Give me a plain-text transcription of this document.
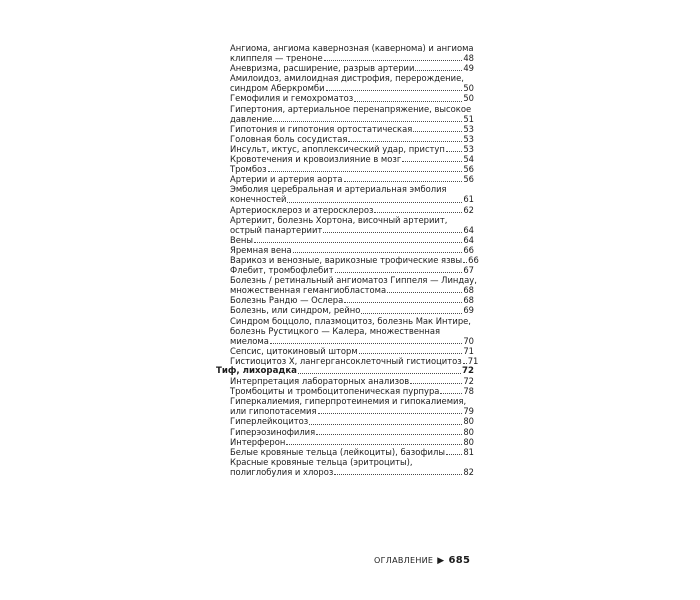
Ангиома, ангиома кавернозная (кавернома) и ангиома
клиппеля — треноне	48
Аневризма, расширение, разрыв артерии	49
Амилоидоз, амилоидная дистрофия, перерождение,
синдром Аберкромби	50
Гемофилия и гемохроматоз	50
Гипертония, артериальное перенапряжение, высокое
давление	51
Гипотония и гипотония ортостатическая	53
Головная боль сосудистая	53
Инсульт, иктус, апоплексический удар, приступ 53
Кровотечения и кровоизлияние в мозг	54
Тромбоз	56
Артерии и артерия аорта	56
Эмболия церебральная и артериальная эмболия
конечностей	61
Артериосклероз и атеросклероз	62
Артериит, болезнь Хортона, височный артериит,
острый панартериит	64
Вены	64
Яремная вена	66
Варикоз и венозные, варикозные трофические язвы 66
Флебит, тромбофлебит	67
Болезнь / ретинальный ангиоматоз Гиппеля — Линдау,
множественная гемангиобластома	68
Болезнь Рандю — Ослера	68
Болезнь, или синдром, рейно	69
Синдром боццоло, плазмоцитоз, болезнь Мак Интире,
болезнь Рустицкого — Калера, множественная
миелома	70
Сепсис, цитокиновый шторм	71
Гистиоцитоз X, лангергансоклеточный гистиоцитоз 71
Тиф, лихорадка	72
Интерпретация лабораторных анализов	72
Тромбоциты и тромбоцитопеническая пурпура	78
Гиперкалиемия, гиперпротеинемия и гипокалиемия,
или гипопотасемия	79
Гиперлейкоцитоз	80
Гиперэозинофилия	80
Интерферон	80
Белые кровяные тельца (лейкоциты), базофилы 81
Красные кровяные тельца (эритроциты),
полиглобулия и хлороз	82
ОГЛАВЛЕНИЕ ▶ 685
